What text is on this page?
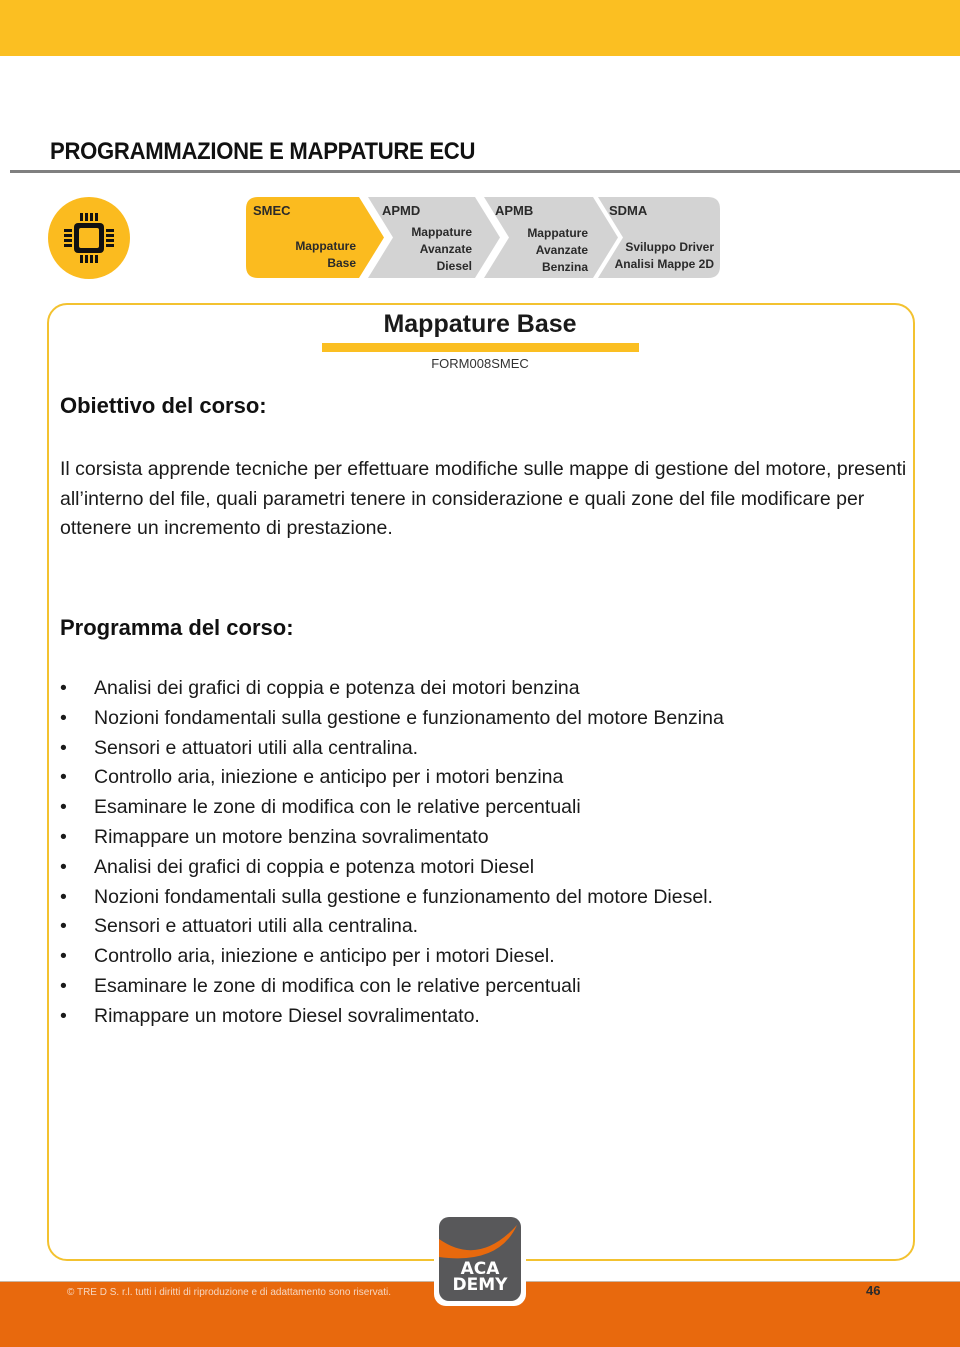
PROGRAMMAZIONE E MAPPATURE ECU
SMEC
Mappature
Base
APMD
Mappature
Avanzate
Diesel
APMB
Mappature
Avanzate
Benzina
SDMA
Sviluppo Driver
Analisi Mappe 2D
Mappature Base
FORM008SMEC
Obiettivo del corso:
Il corsista apprende tecniche per effettuare modifiche sulle mappe di gestione del motore, presenti all’interno del file, quali parametri tenere in considerazione e quali zone del file modificare per ottenere un incremento di prestazione.
Programma del corso:
• Analisi dei grafici di coppia e potenza dei motori benzina
• Nozioni fondamentali sulla gestione e funzionamento del motore Benzina
• Sensori e attuatori utili alla centralina.
• Controllo aria, iniezione e anticipo per i motori benzina
• Esaminare le zone di modifica con le relative percentuali
• Rimappare un motore benzina sovralimentato
• Analisi dei grafici di coppia e potenza motori Diesel
• Nozioni fondamentali sulla gestione e funzionamento del motore Diesel.
• Sensori e attuatori utili alla centralina.
• Controllo aria, iniezione e anticipo per i motori Diesel.
• Esaminare le zone di modifica con le relative percentuali
• Rimappare un motore Diesel sovralimentato.
© TRE D S. r.l. tutti i diritti di riproduzione e di adattamento sono riservati.	46
ACA
DEMY
